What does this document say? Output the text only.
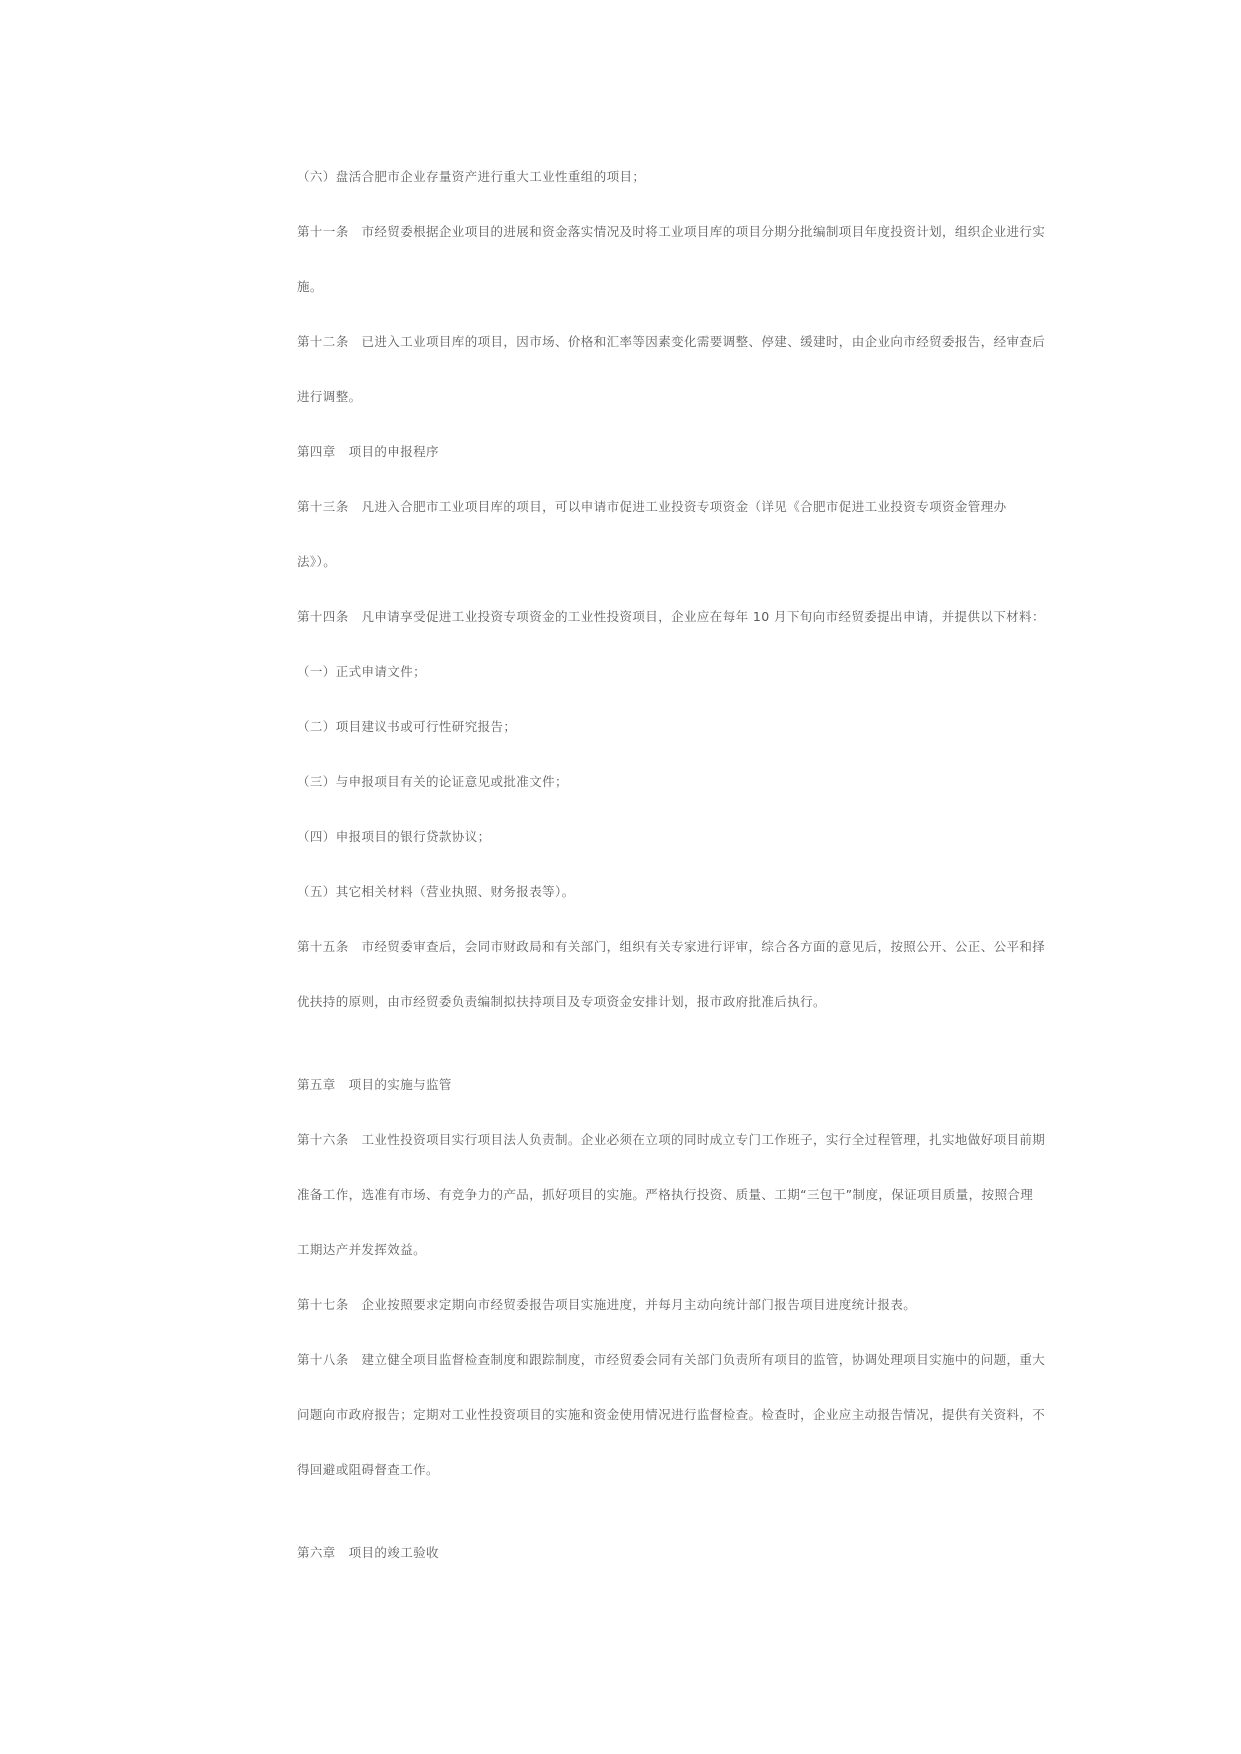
（六）盘活合肥市企业存量资产进行重大工业性重组的项目；
第十一条　市经贸委根据企业项目的进展和资金落实情况及时将工业项目库的项目分期分批编制项目年度投资计划，组织企业进行实
施。
第十二条　已进入工业项目库的项目，因市场、价格和汇率等因素变化需要调整、停建、缓建时，由企业向市经贸委报告，经审查后
进行调整。
第四章　项目的申报程序
第十三条　凡进入合肥市工业项目库的项目，可以申请市促进工业投资专项资金（详见《合肥市促进工业投资专项资金管理办
法》）。
第十四条　凡申请享受促进工业投资专项资金的工业性投资项目，企业应在每年 10 月下旬向市经贸委提出申请，并提供以下材料：
（一）正式申请文件；
（二）项目建议书或可行性研究报告；
（三）与申报项目有关的论证意见或批准文件；
（四）申报项目的银行贷款协议；
（五）其它相关材料（营业执照、财务报表等）。
第十五条　市经贸委审查后，会同市财政局和有关部门，组织有关专家进行评审，综合各方面的意见后，按照公开、公正、公平和择
优扶持的原则，由市经贸委负责编制拟扶持项目及专项资金安排计划，报市政府批准后执行。
第五章　项目的实施与监管
第十六条　工业性投资项目实行项目法人负责制。企业必须在立项的同时成立专门工作班子，实行全过程管理，扎实地做好项目前期
准备工作，选准有市场、有竞争力的产品，抓好项目的实施。严格执行投资、质量、工期“三包干”制度，保证项目质量，按照合理
工期达产并发挥效益。
第十七条　企业按照要求定期向市经贸委报告项目实施进度，并每月主动向统计部门报告项目进度统计报表。
第十八条　建立健全项目监督检查制度和跟踪制度，市经贸委会同有关部门负责所有项目的监管，协调处理项目实施中的问题，重大
问题向市政府报告；定期对工业性投资项目的实施和资金使用情况进行监督检查。检查时，企业应主动报告情况，提供有关资料，不
得回避或阻碍督查工作。
第六章　项目的竣工验收
